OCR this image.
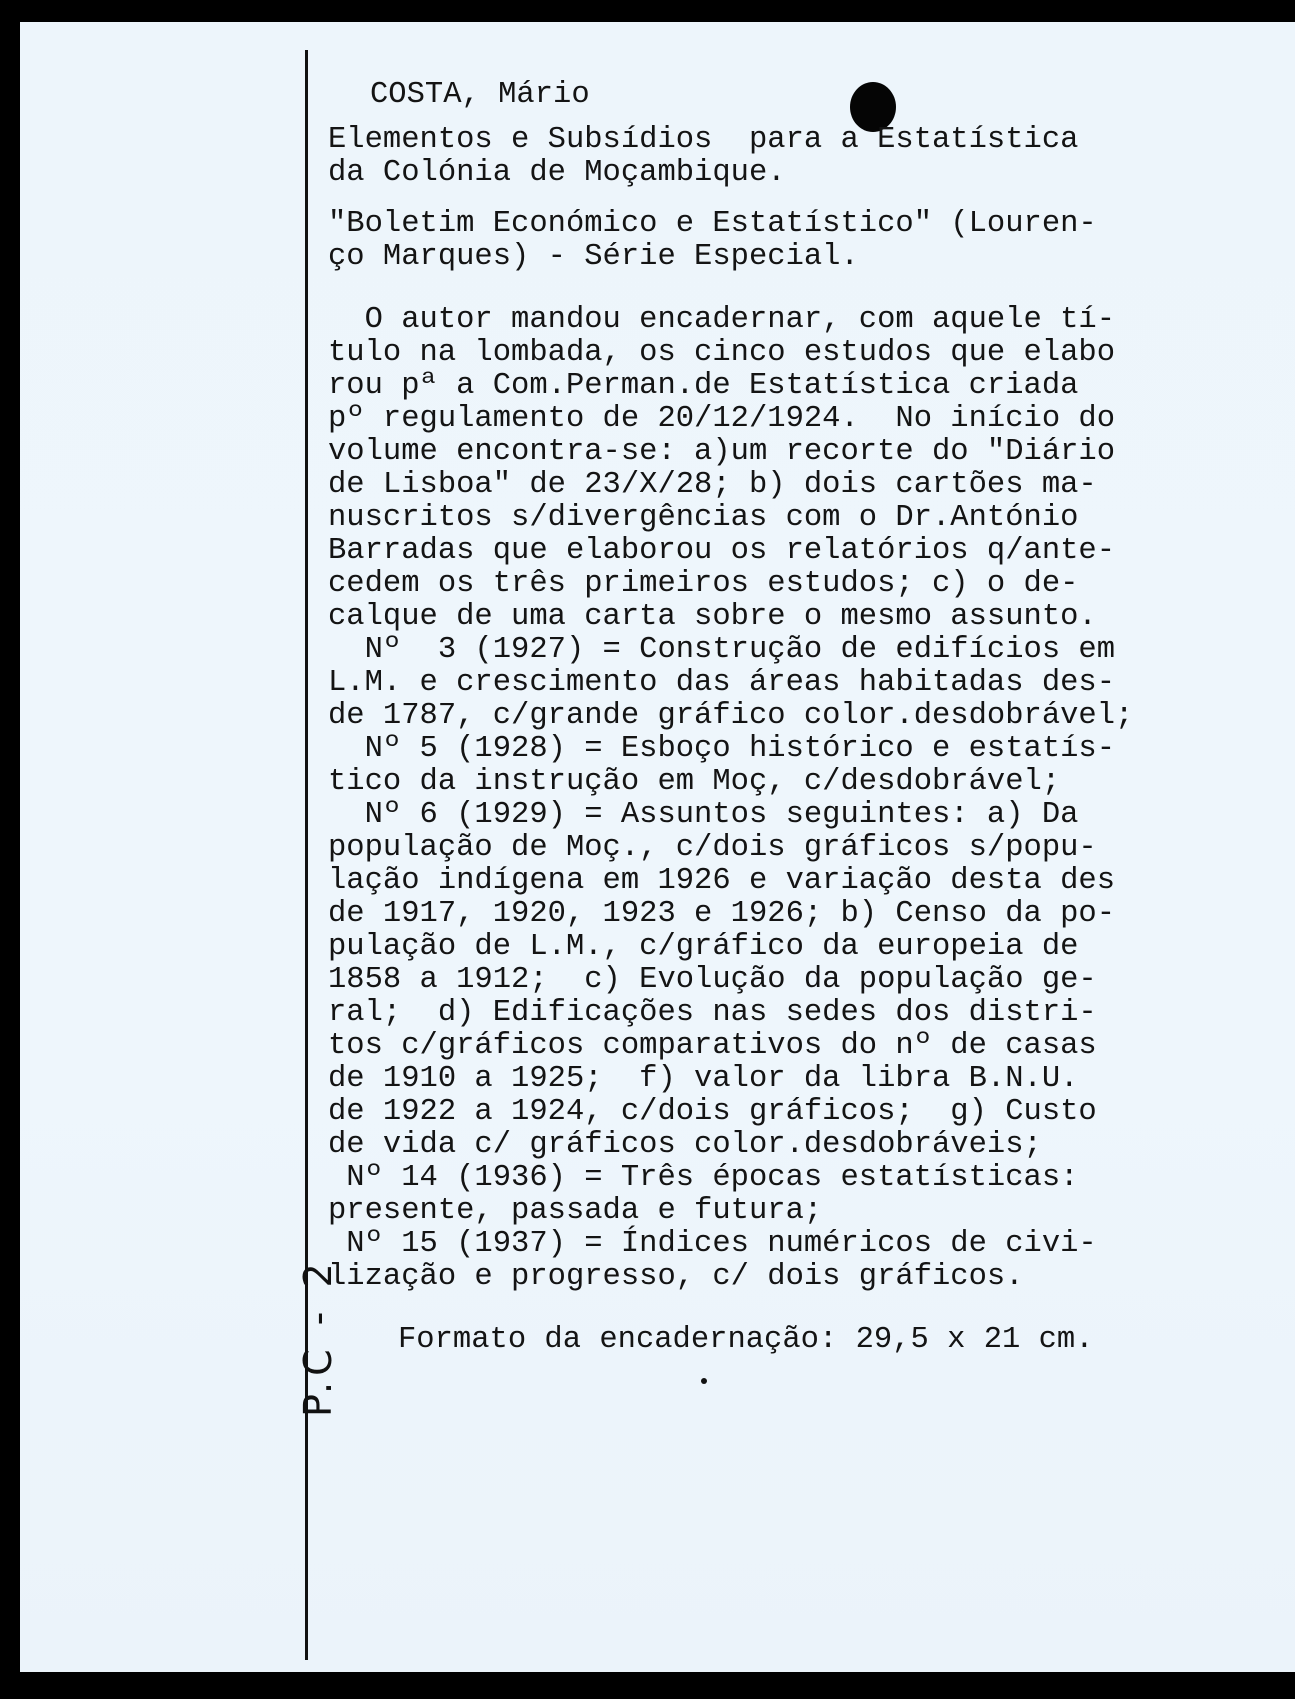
COSTA, Mário
Elementos e Subsídios  para a Estatística
da Colónia de Moçambique.
"Boletim Económico e Estatístico" (Louren-
ço Marques) - Série Especial.
O autor mandou encadernar, com aquele tí-
tulo na lombada, os cinco estudos que elabo
rou pª a Com.Perman.de Estatística criada
pº regulamento de 20/12/1924.  No início do
volume encontra-se: a)um recorte do "Diário
de Lisboa" de 23/X/28; b) dois cartões ma-
nuscritos s/divergências com o Dr.António
Barradas que elaborou os relatórios q/ante-
cedem os três primeiros estudos; c) o de-
calque de uma carta sobre o mesmo assunto.
Nº  3 (1927) = Construção de edifícios em
L.M. e crescimento das áreas habitadas des-
de 1787, c/grande gráfico color.desdobrável;
Nº 5 (1928) = Esboço histórico e estatís-
tico da instrução em Moç, c/desdobrável;
Nº 6 (1929) = Assuntos seguintes: a) Da
população de Moç., c/dois gráficos s/popu-
lação indígena em 1926 e variação desta des
de 1917, 1920, 1923 e 1926; b) Censo da po-
pulação de L.M., c/gráfico da europeia de
1858 a 1912;  c) Evolução da população ge-
ral;  d) Edificações nas sedes dos distri-
tos c/gráficos comparativos do nº de casas
de 1910 a 1925;  f) valor da libra B.N.U.
de 1922 a 1924, c/dois gráficos;  g) Custo
de vida c/ gráficos color.desdobráveis;
Nº 14 (1936) = Três épocas estatísticas:
presente, passada e futura;
Nº 15 (1937) = Índices numéricos de civi-
lização e progresso, c/ dois gráficos.
Formato da encadernação: 29,5 x 21 cm.
P.C - 2
